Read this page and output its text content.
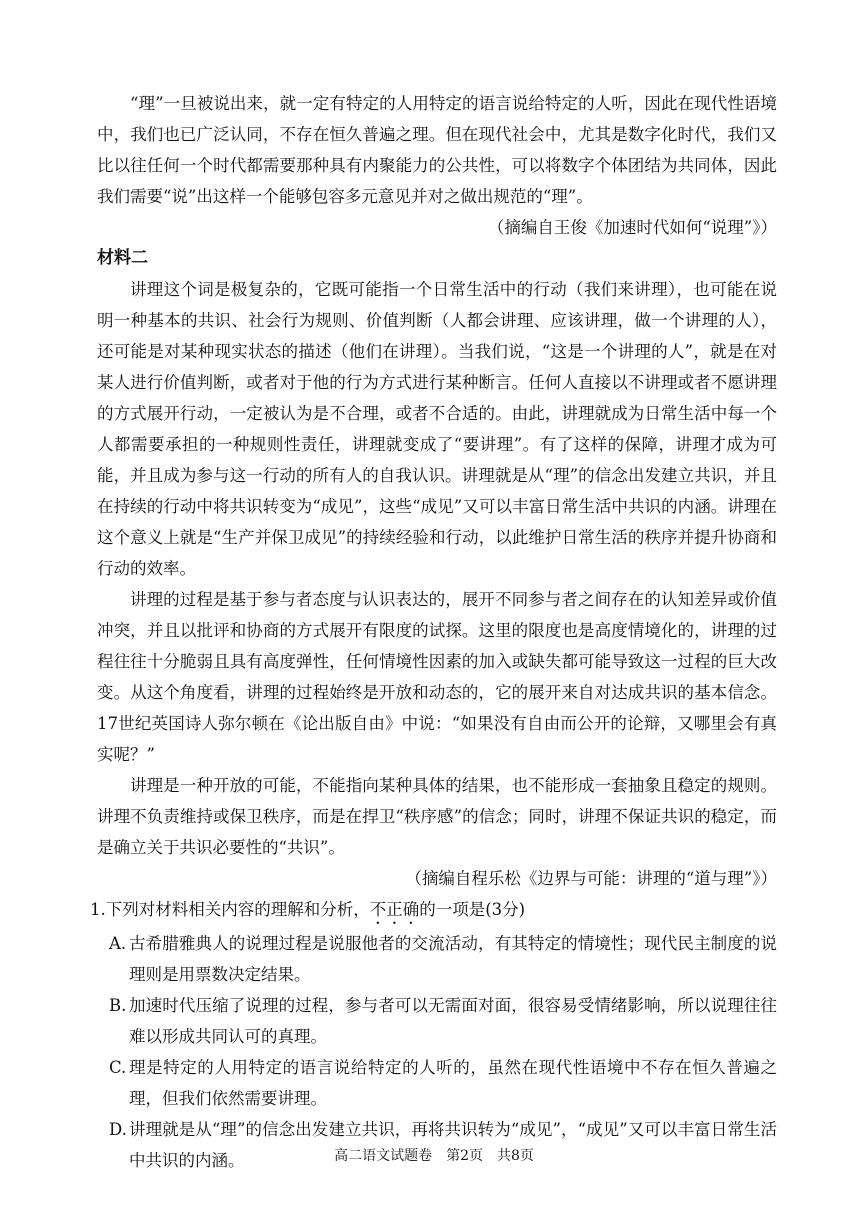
“理”一旦被说出来，就一定有特定的人用特定的语言说给特定的人听，因此在现代性语境中，我们也已广泛认同，不存在恒久普遍之理。但在现代社会中，尤其是数字化时代，我们又比以往任何一个时代都需要那种具有内聚能力的公共性，可以将数字个体团结为共同体，因此我们需要“说”出这样一个能够包容多元意见并对之做出规范的“理”。

（摘编自王俊《加速时代如何“说理”》）

材料二

讲理这个词是极复杂的，它既可能指一个日常生活中的行动（我们来讲理），也可能在说明一种基本的共识、社会行为规则、价值判断（人都会讲理、应该讲理，做一个讲理的人），还可能是对某种现实状态的描述（他们在讲理）。当我们说，“这是一个讲理的人”，就是在对某人进行价值判断，或者对于他的行为方式进行某种断言。任何人直接以不讲理或者不愿讲理的方式展开行动，一定被认为是不合理，或者不合适的。由此，讲理就成为日常生活中每一个人都需要承担的一种规则性责任，讲理就变成了“要讲理”。有了这样的保障，讲理才成为可能，并且成为参与这一行动的所有人的自我认识。讲理就是从“理”的信念出发建立共识，并且在持续的行动中将共识转变为“成见”，这些“成见”又可以丰富日常生活中共识的内涵。讲理在这个意义上就是“生产并保卫成见”的持续经验和行动，以此维护日常生活的秩序并提升协商和行动的效率。

讲理的过程是基于参与者态度与认识表达的，展开不同参与者之间存在的认知差异或价值冲突，并且以批评和协商的方式展开有限度的试探。这里的限度也是高度情境化的，讲理的过程往往十分脆弱且具有高度弹性，任何情境性因素的加入或缺失都可能导致这一过程的巨大改变。从这个角度看，讲理的过程始终是开放和动态的，它的展开来自对达成共识的基本信念。17世纪英国诗人弥尔顿在《论出版自由》中说：“如果没有自由而公开的论辩，又哪里会有真实呢？”

讲理是一种开放的可能，不能指向某种具体的结果，也不能形成一套抽象且稳定的规则。讲理不负责维持或保卫秩序，而是在捍卫“秩序感”的信念；同时，讲理不保证共识的稳定，而是确立关于共识必要性的“共识”。

（摘编自程乐松《边界与可能：讲理的“道与理”》）

1.下列对材料相关内容的理解和分析，不正确的一项是(3分)

A. 古希腊雅典人的说理过程是说服他者的交流活动，有其特定的情境性；现代民主制度的说理则是用票数决定结果。
B. 加速时代压缩了说理的过程，参与者可以无需面对面，很容易受情绪影响，所以说理往往难以形成共同认可的真理。
C. 理是特定的人用特定的语言说给特定的人听的，虽然在现代性语境中不存在恒久普遍之理，但我们依然需要讲理。
D. 讲理就是从“理”的信念出发建立共识，再将共识转为“成见”，“成见”又可以丰富日常生活中共识的内涵。	高二语文试题卷　第2页　共8页
